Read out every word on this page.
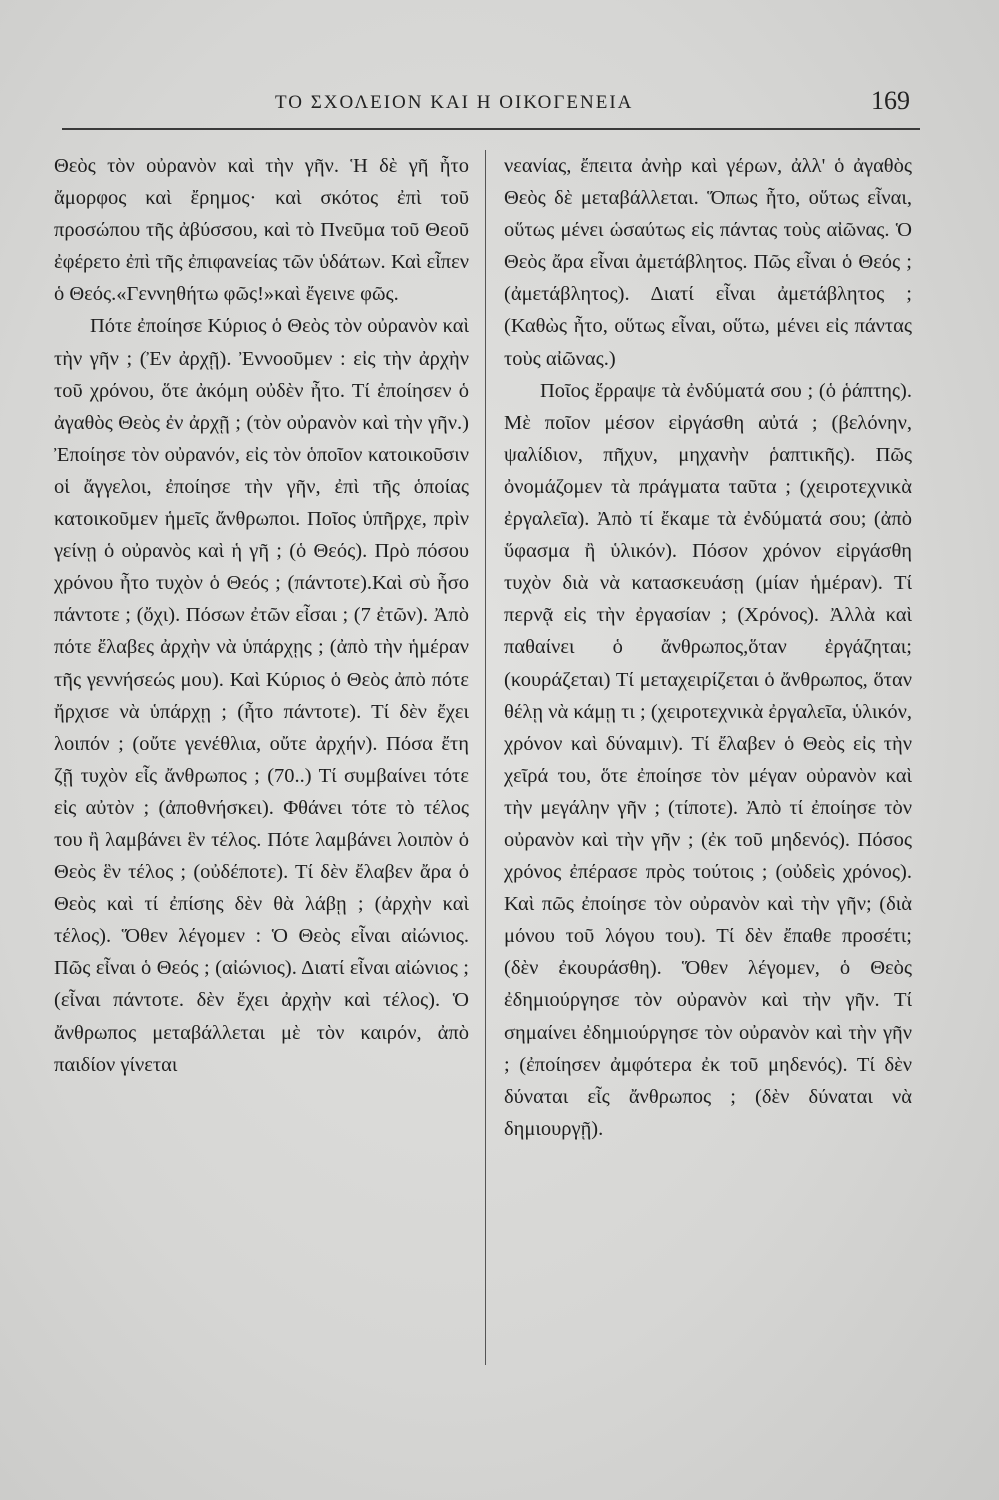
ΤΟ ΣΧΟΛΕΙΟΝ ΚΑΙ Η ΟΙΚΟΓΕΝΕΙΑ	169

Θεὸς τὸν οὐρανὸν καὶ τὴν γῆν. Ἡ δὲ γῆ ἦτο ἄμορφος καὶ ἔρημος· καὶ σκότος ἐπὶ τοῦ προσώπου τῆς ἀβύσσου, καὶ τὸ Πνεῦμα τοῦ Θεοῦ ἐφέρετο ἐπὶ τῆς ἐπιφανείας τῶν ὑδάτων. Καὶ εἶπεν ὁ Θεός.«Γεννηθήτω φῶς!»καὶ ἔγεινε φῶς.

Πότε ἐποίησε Κύριος ὁ Θεὸς τὸν οὐρανὸν καὶ τὴν γῆν ; (Ἐν ἀρχῇ). Ἐννοοῦμεν : εἰς τὴν ἀρχὴν τοῦ χρόνου, ὅτε ἀκόμη οὐδὲν ἦτο. Τί ἐποίησεν ὁ ἀγαθὸς Θεὸς ἐν ἀρχῇ ; (τὸν οὐρανὸν καὶ τὴν γῆν.) Ἐποίησε τὸν οὐρανόν, εἰς τὸν ὁποῖον κατοικοῦσιν οἱ ἄγγελοι, ἐποίησε τὴν γῆν, ἐπὶ τῆς ὁποίας κατοικοῦμεν ἡμεῖς ἄνθρωποι. Ποῖος ὑπῆρχε, πρὶν γείνῃ ὁ οὐρανὸς καὶ ἡ γῆ ; (ὁ Θεός). Πρὸ πόσου χρόνου ἦτο τυχὸν ὁ Θεός ; (πάντοτε).Καὶ σὺ ἦσο πάντοτε ; (ὄχι). Πόσων ἐτῶν εἶσαι ; (7 ἐτῶν). Ἀπὸ πότε ἔλαβες ἀρχὴν νὰ ὑπάρχῃς ; (ἀπὸ τὴν ἡμέραν τῆς γεννήσεώς μου). Καὶ Κύριος ὁ Θεὸς ἀπὸ πότε ἤρχισε νὰ ὑπάρχῃ ; (ἦτο πάντοτε). Τί δὲν ἔχει λοιπόν ; (οὔτε γενέθλια, οὔτε ἀρχήν). Πόσα ἔτη ζῇ τυχὸν εἷς ἄνθρωπος ; (70..) Τί συμβαίνει τότε εἰς αὐτὸν ; (ἀποθνήσκει). Φθάνει τότε τὸ τέλος του ἢ λαμβάνει ἓν τέλος. Πότε λαμβάνει λοιπὸν ὁ Θεὸς ἓν τέλος ; (οὐδέποτε). Τί δὲν ἔλαβεν ἄρα ὁ Θεὸς καὶ τί ἐπίσης δὲν θὰ λάβῃ ; (ἀρχὴν καὶ τέλος). Ὅθεν λέγομεν : Ὁ Θεὸς εἶναι αἰώνιος. Πῶς εἶναι ὁ Θεός ; (αἰώνιος). Διατί εἶναι αἰώνιος ; (εἶναι πάντοτε. δὲν ἔχει ἀρχὴν καὶ τέλος). Ὁ ἄνθρωπος μεταβάλλεται μὲ τὸν καιρόν, ἀπὸ παιδίον γίνεται

νεανίας, ἔπειτα ἀνὴρ καὶ γέρων, ἀλλ' ὁ ἀγαθὸς Θεὸς δὲ μεταβάλλεται. Ὅπως ἦτο, οὕτως εἶναι, οὕτως μένει ὡσαύτως εἰς πάντας τοὺς αἰῶνας. Ὁ Θεὸς ἄρα εἶναι ἀμετάβλητος. Πῶς εἶναι ὁ Θεός ; (ἀμετάβλητος). Διατί εἶναι ἀμετάβλητος ; (Καθὼς ἦτο, οὕτως εἶναι, οὕτω, μένει εἰς πάντας τοὺς αἰῶνας.)

Ποῖος ἔρραψε τὰ ἐνδύματά σου ; (ὁ ῥάπτης). Μὲ ποῖον μέσον εἰργάσθη αὐτά ; (βελόνην, ψαλίδιον, πῆχυν, μηχανὴν ῥαπτικῆς). Πῶς ὀνομάζομεν τὰ πράγματα ταῦτα ; (χειροτεχνικὰ ἐργαλεῖα). Ἀπὸ τί ἔκαμε τὰ ἐνδύματά σου; (ἀπὸ ὕφασμα ἢ ὑλικόν). Πόσον χρόνον εἰργάσθη τυχὸν διὰ νὰ κατασκευάσῃ (μίαν ἡμέραν). Τί περνᾷ εἰς τὴν ἐργασίαν ; (Χρόνος). Ἀλλὰ καὶ παθαίνει ὁ ἄνθρωπος,ὅταν ἐργάζηται; (κουράζεται) Τί μεταχειρίζεται ὁ ἄνθρωπος, ὅταν θέλῃ νὰ κάμῃ τι ; (χειροτεχνικὰ ἐργαλεῖα, ὑλικόν, χρόνον καὶ δύναμιν). Τί ἔλαβεν ὁ Θεὸς εἰς τὴν χεῖρά του, ὅτε ἐποίησε τὸν μέγαν οὐρανὸν καὶ τὴν μεγάλην γῆν ; (τίποτε). Ἀπὸ τί ἐποίησε τὸν οὐρανὸν καὶ τὴν γῆν ; (ἐκ τοῦ μηδενός). Πόσος χρόνος ἐπέρασε πρὸς τούτοις ; (οὐδεὶς χρόνος). Καὶ πῶς ἐποίησε τὸν οὐρανὸν καὶ τὴν γῆν; (διὰ μόνου τοῦ λόγου του). Τί δὲν ἔπαθε προσέτι; (δὲν ἐκουράσθη). Ὅθεν λέγομεν, ὁ Θεὸς ἐδημιούργησε τὸν οὐρανὸν καὶ τὴν γῆν. Τί σημαίνει ἐδημιούργησε τὸν οὐρανὸν καὶ τὴν γῆν ; (ἐποίησεν ἀμφότερα ἐκ τοῦ μηδενός). Τί δὲν δύναται εἷς ἄνθρωπος ; (δὲν δύναται νὰ δημιουργῇ).
